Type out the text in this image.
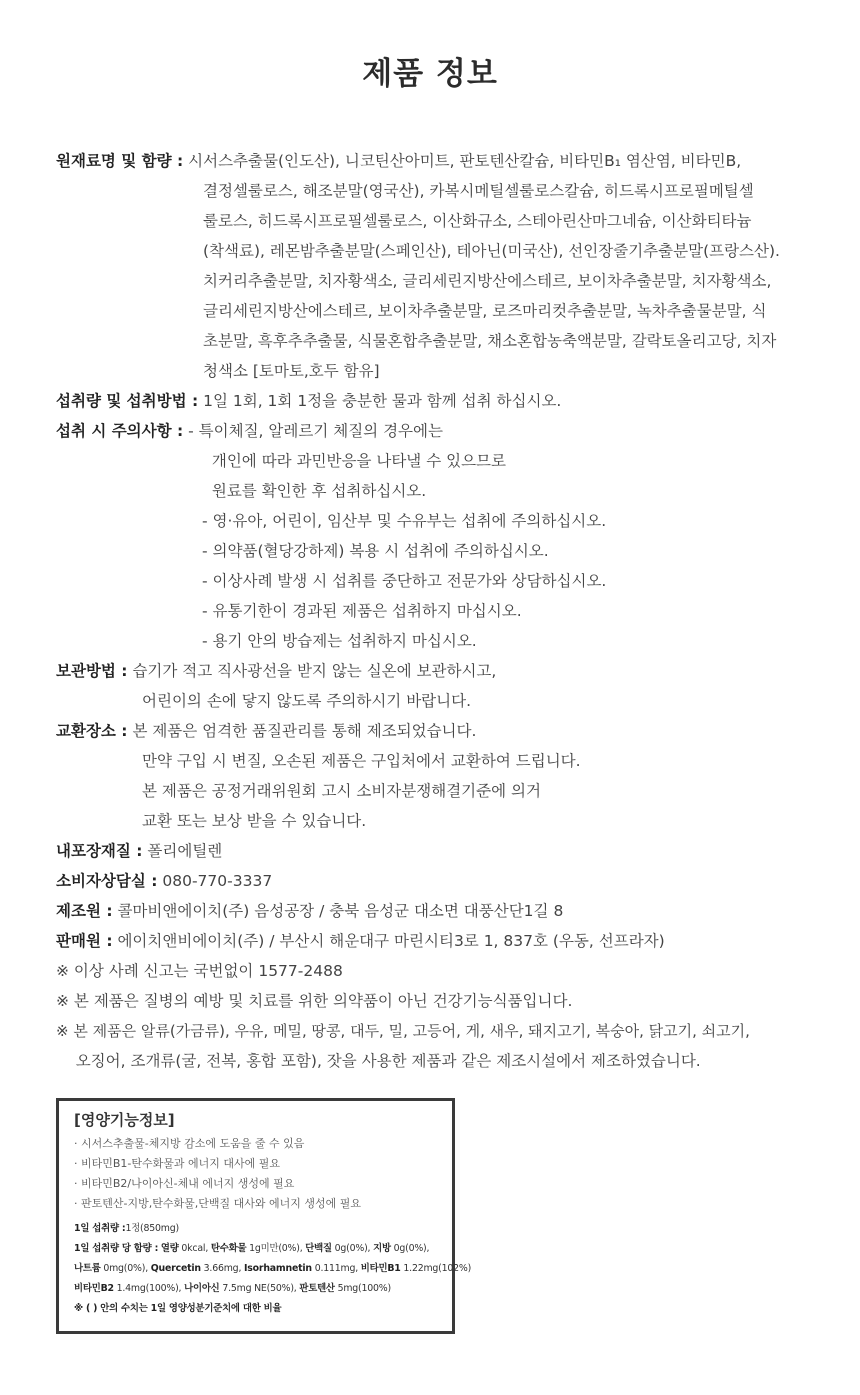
제품 정보
원재료명 및 함량 : 시서스추출물(인도산), 니코틴산아미트, 판토텐산칼슘, 비타민B₁ 염산염, 비타민B,
결정셀룰로스, 해조분말(영국산), 카복시메틸셀룰로스칼슘, 히드록시프로필메틸셀
룰로스, 히드록시프로필셀룰로스, 이산화규소, 스테아린산마그네슘, 이산화티타늄
(착색료), 레몬밤추출분말(스페인산), 테아닌(미국산), 선인장줄기추출분말(프랑스산).
치커리추출분말, 치자황색소, 글리세린지방산에스테르, 보이차추출분말, 치자황색소,
글리세린지방산에스테르, 보이차추출분말, 로즈마리컷추출분말, 녹차추출물분말, 식
초분말, 흑후추추출물, 식물혼합추출분말, 채소혼합농축액분말, 갈락토올리고당, 치자
청색소 [토마토,호두 함유]
섭취량 및 섭취방법 : 1일 1회, 1회 1정을 충분한 물과 함께 섭취 하십시오.
섭취 시 주의사항 : - 특이체질, 알레르기 체질의 경우에는
개인에 따라 과민반응을 나타낼 수 있으므로
원료를 확인한 후 섭취하십시오.
- 영·유아, 어린이, 임산부 및 수유부는 섭취에 주의하십시오.
- 의약품(혈당강하제) 복용 시 섭취에 주의하십시오.
- 이상사례 발생 시 섭취를 중단하고 전문가와 상담하십시오.
- 유통기한이 경과된 제품은 섭취하지 마십시오.
- 용기 안의 방습제는 섭취하지 마십시오.
보관방법 : 습기가 적고 직사광선을 받지 않는 실온에 보관하시고,
어린이의 손에 닿지 않도록 주의하시기 바랍니다.
교환장소 : 본 제품은 엄격한 품질관리를 통해 제조되었습니다.
만약 구입 시 변질, 오손된 제품은 구입처에서 교환하여 드립니다.
본 제품은 공정거래위원회 고시 소비자분쟁해결기준에 의거
교환 또는 보상 받을 수 있습니다.
내포장재질 : 폴리에틸렌
소비자상담실 : 080-770-3337
제조원 : 콜마비앤에이치(주) 음성공장 / 충북 음성군 대소면 대풍산단1길 8
판매원 : 에이치앤비에이치(주) / 부산시 해운대구 마린시티3로 1, 837호 (우동, 선프라자)
※ 이상 사례 신고는 국번없이 1577-2488
※ 본 제품은 질병의 예방 및 치료를 위한 의약품이 아닌 건강기능식품입니다.
※ 본 제품은 알류(가금류), 우유, 메밀, 땅콩, 대두, 밀, 고등어, 게, 새우, 돼지고기, 복숭아, 닭고기, 쇠고기,
오징어, 조개류(굴, 전복, 홍합 포함), 잣을 사용한 제품과 같은 제조시설에서 제조하였습니다.
[영양기능정보]
· 시서스추출물-체지방 감소에 도움을 줄 수 있음
· 비타민B1-탄수화물과 에너지 대사에 필요
· 비타민B2/나이아신-체내 에너지 생성에 필요
· 판토텐산-지방,탄수화물,단백질 대사와 에너지 생성에 필요
1일 섭취량 :1정(850mg)
1일 섭취량 당 함량 : 열량 0kcal, 탄수화물 1g미만(0%), 단백질 0g(0%), 지방 0g(0%),
나트륨 0mg(0%), Quercetin 3.66mg, Isorhamnetin 0.111mg, 비타민B1 1.22mg(102%)
비타민B2 1.4mg(100%), 나이아신 7.5mg NE(50%), 판토텐산 5mg(100%)
※ ( ) 안의 수치는 1일 영양성분기준치에 대한 비율
